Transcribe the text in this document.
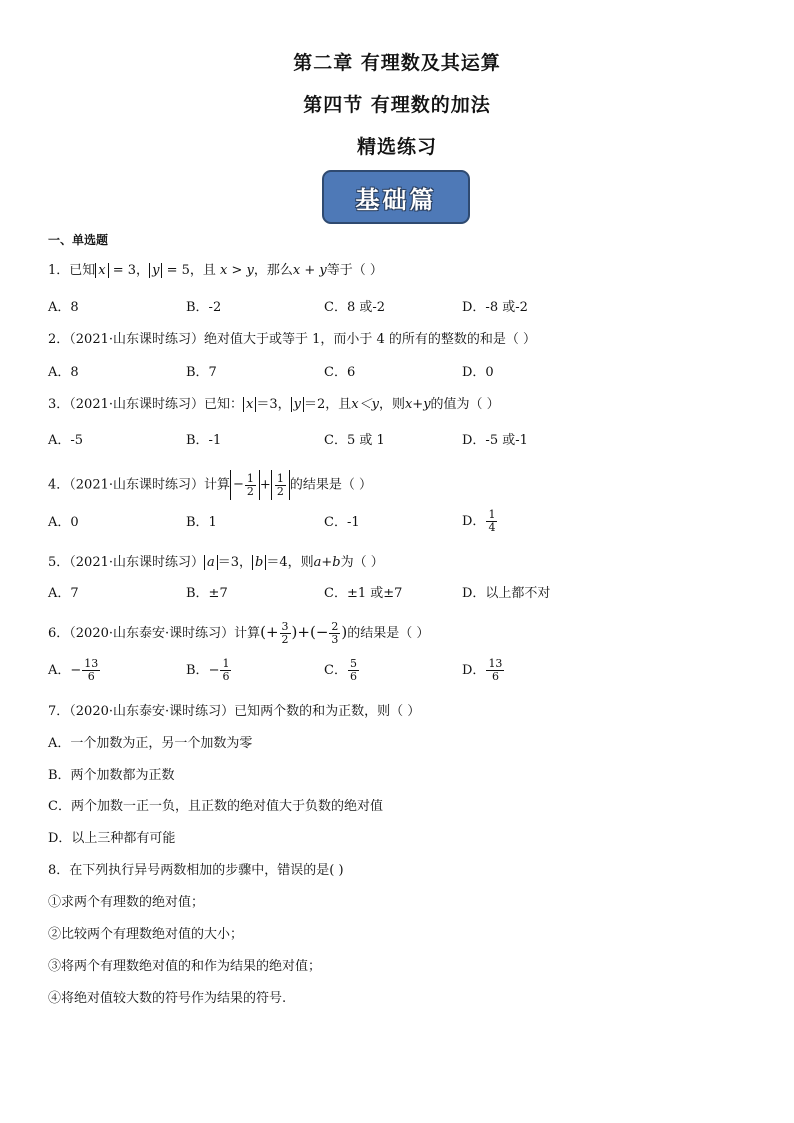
第二章 有理数及其运算
第四节 有理数的加法
精选练习
基础篇
一、单选题
1．已知 x = 3， y = 5，且 x > y，那么x + y等于（ ）
A．8	B．-2	C．8 或-2	D．-8 或-2
2．（2021·山东课时练习）绝对值大于或等于 1，而小于 4 的所有的整数的和是（ ）
A．8	B．7	C．6	D．0
3．（2021·山东课时练习）已知： x ＝3， y ＝2，且x＜y，则x+y的值为（ ）
A．-5	B．-1	C．5 或 1	D．-5 或-1
4．（2021·山东课时练习）计算 − $\frac{1}{2} + \frac{1}{2}$ 的结果是（ ）
A．0	B．1	C．-1	D． $\frac{1}{4}$
5．（2021·山东课时练习） a ＝3， b ＝4，则a+b为（ ）
A．7	B．±7	C．±1 或±7	D．以上都不对
6．（2020·山东泰安·课时练习）计算(+ $\frac{3}{2}$ )+(− $\frac{2}{3}$ )的结果是（ ）
A．− $\frac{13}{6}$	B．− $\frac{1}{6}$	C． $\frac{5}{6}$	D． $\frac{13}{6}$
7．（2020·山东泰安·课时练习）已知两个数的和为正数，则（ ）
A．一个加数为正，另一个加数为零
B．两个加数都为正数
C．两个加数一正一负，且正数的绝对值大于负数的绝对值
D．以上三种都有可能
8．在下列执行异号两数相加的步骤中，错误的是( )
①求两个有理数的绝对值；
②比较两个有理数绝对值的大小；
③将两个有理数绝对值的和作为结果的绝对值；
④将绝对值较大数的符号作为结果的符号.
